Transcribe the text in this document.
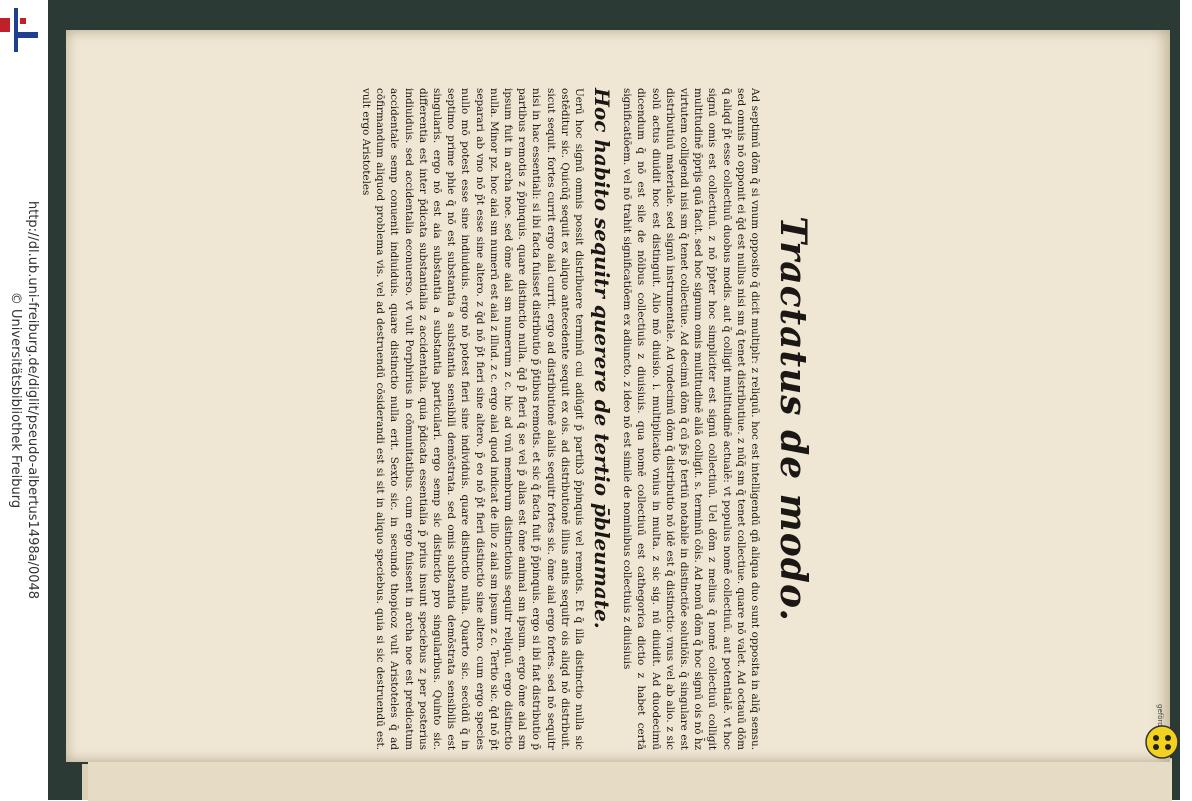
http://dl.ub.uni-freiburg.de/diglit/pseudo-albertus1498a/0048
© Universitätsbibliothek Freiburg	Tractatus de modo.

Ad septimū dōm q̄ si vnum opposito q̄ dicit multiplr: z reliquū. hoc est intelligendū qñ aliqua duo sunt opposita in aliq̄ sensu. sed omnis nō opponit ei q̄d est nullus nisi sm q̄ tenet distributiue. z nūq̄ sm q̄ tenet collectiue. quare nō valet. Ad octauū dōm q̄ aliqd p̄t esse collectiuū duobus modis. aut q̄ colligit multitudinē actualē: vt populus nomē collectiuū. aut potentialē. vt hoc signū omis est collectiuū. z nō p̄pter hoc simpliciter est signū collectiuū. Uel dōm z melius q̄ nomē collectiuū colligit multitudinē p̄prijs quā facit. sed hoc signum omis multitudinē aliā colligit. s. terminū cōis. Ad nonū dōm q̄ hoc signū ois nō h̄z virtutem colligendi nisi sm q̄ tenet collectiue. Ad decimū dōm q̄ cū p̄s p̄ tertiū notabile in distinctiōe solutiōis. q̄ singulare est distributiuū materiale. sed signū instrumentale. Ad vndecimū dōm q̄ distributio nō idē est q̄ distinctio: vnus vel ab alio. z sic solū actus diuidit hoc est distinguit. Alio mō diuisio. i. multiplicatio vnius in multa. z sic sig. nū diuidit. Ad duodecimū dicendum q̄ nō est sile de nōibus collectiuis z diuisiuis. qua nomē collectiuū est cathegorica dictio z habet certā significatiōem. vel nō trahit significatiōem ex adiuncto. z ideo nō est simile de nominibus collectiuis z diuisiuis

Hoc habito sequitr querere de tertio p̄bleumate.

Uerū hoc signū omnis possit distribuere terminū cui adiūgit p̄ partib3 p̄pinquis vel remotis. Et q̄ illa distinctio nulla sic ostēditur sic. Quicūq̄ sequit ex aliquo antecedente sequit ex ois. ad distributionē illius antis sequitr ois aliqd nō distribuit. sicut sequit. fortes currit ergo aial currit. ergo ad distributionē alalis sequitr fortes sic. ōme aial ergo fortes. sed nō sequitr nisi in hac essentiali: si ibi facta fuisset distributio p̄ p̄tibus remotis. et sic q̄ facta fuit p̄ p̄pinquis. ergo si ibi fiat distributio p̄ partibus remotis z p̄pinquis. quare distinctio nulla. q̄d p̄ fieri q̄ se vel p̄ alias est ōme animal sm ipsum. ergo ōme aial sm ipsum fuit in archa noe. sed ōme aial sm numerum z c. hic ad vnū membrum distinctionis sequitr reliquū. ergo distinctio nulla. Minor pz. hoc aial sm numerū est aial z illud. z c. ergo aial quod indicat de illo z aial sm ipsum z c. Tertio sic. q̄d nō p̄t separari ab vno nō p̄t esse sine altero. z q̄d nō p̄t fieri sine altero. p̄ eo nō p̄t fieri distinctio sine altero. cum ergo species nullo mō potest esse sine indiuiduis. ergo nō potest fieri sine individuis. quare distinctio nulla. Quarto sic. secūdū q̄ in septimo prime phie q̄ nō est substantia a substantia sensibili demōstrata. sed omis substantia demōstrata sensibilis est singularis. ergo nō est aia substantia a substantia particulari. ergo semp sic distinctio pro singularibus. Quinto sic. differentia est inter p̄dicata substantialia z accidentalia. quia p̄dicata essentialia p̄ prius insunt speciebus z per posterius indiuiduis. sed accidentalia econuerso. vt vult Porphirius in cōmunitatibus. cum ergo fuissent in archa noe est predicatum accidentale semp conuenit indiuiduis. quare distinctio nulla erit. Sexto sic. in secundo thopicoz vult Aristoteles q̄ ad cōfirmandum aliquod problema vis. vel ad destruendū cōsiderandi est si sit in aliquo speciebus. quia si sic destruendū est. vult ergo Aristoteles
